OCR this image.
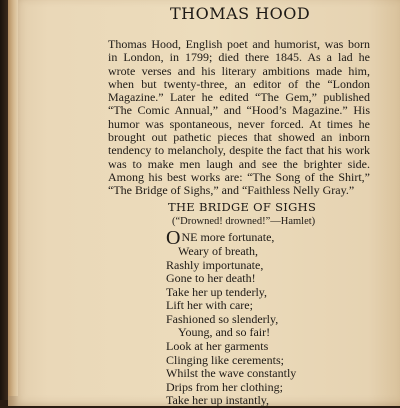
THOMAS HOOD
Thomas Hood, English poet and humorist, was born in London, in 1799; died there 1845. As a lad he wrote verses and his literary ambitions made him, when but twenty-three, an editor of the “London Magazine.” Later he edited “The Gem,” published “The Comic Annual,” and “Hood’s Magazine.” His humor was spontaneous, never forced. At times he brought out pathetic pieces that showed an inborn tendency to melancholy, despite the fact that his work was to make men laugh and see the brighter side. Among his best works are: “The Song of the Shirt,” “The Bridge of Sighs,” and “Faithless Nelly Gray.”
THE BRIDGE OF SIGHS
(“Drowned! drowned!”—Hamlet)
ONE more fortunate,
Weary of breath,
Rashly importunate,
Gone to her death!
Take her up tenderly,
Lift her with care;
Fashioned so slenderly,
Young, and so fair!
Look at her garments
Clinging like cerements;
Whilst the wave constantly
Drips from her clothing;
Take her up instantly,
